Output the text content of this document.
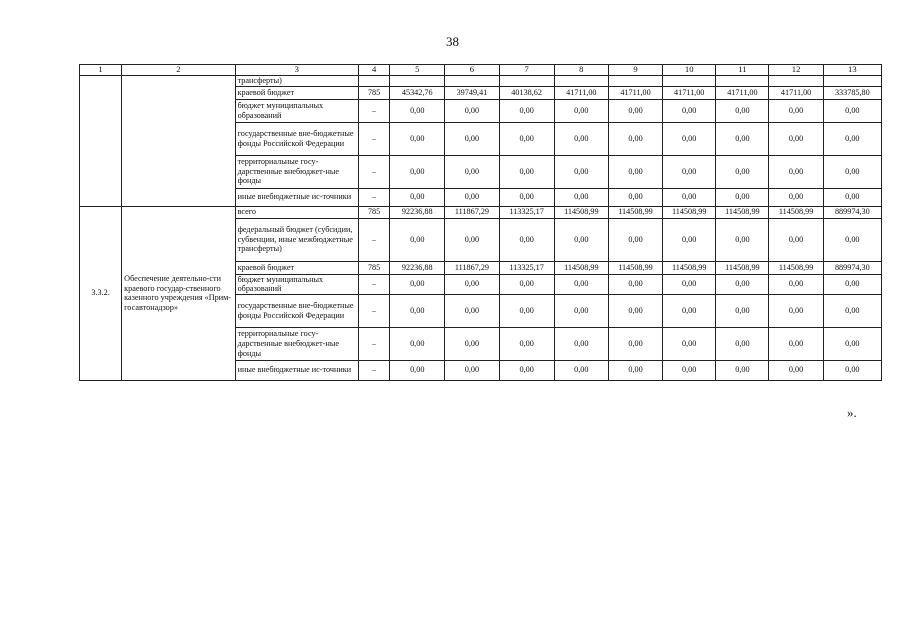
38
1	2	3	4	5	6	7	8	9	10	11	12	13
		трансферты)										
		краевой бюджет	785	45342,76	39749,41	40138,62	41711,00	41711,00	41711,00	41711,00	41711,00	333785,80
		бюджет муниципальных образований	–	0,00	0,00	0,00	0,00	0,00	0,00	0,00	0,00	0,00
		государственные вне-бюджетные фонды Российской Федерации	–	0,00	0,00	0,00	0,00	0,00	0,00	0,00	0,00	0,00
		территориальные госу-дарственные внебюджет-ные фонды	–	0,00	0,00	0,00	0,00	0,00	0,00	0,00	0,00	0,00
		иные внебюджетные ис-точники	–	0,00	0,00	0,00	0,00	0,00	0,00	0,00	0,00	0,00
3.3.2.	Обеспечение деятельно-сти краевого государ-ственного казенного учреждения «Прим-госавтонадзор»	всего	785	92236,88	111867,29	113325,17	114508,99	114508,99	114508,99	114508,99	114508,99	889974,30
		федеральный бюджет (субсидии, субвенции, иные межбюджетные трансферты)	–	0,00	0,00	0,00	0,00	0,00	0,00	0,00	0,00	0,00
		краевой бюджет	785	92236,88	111867,29	113325,17	114508,99	114508,99	114508,99	114508,99	114508,99	889974,30
		бюджет муниципальных образований	–	0,00	0,00	0,00	0,00	0,00	0,00	0,00	0,00	0,00
		государственные вне-бюджетные фонды Российской Федерации	–	0,00	0,00	0,00	0,00	0,00	0,00	0,00	0,00	0,00
		территориальные госу-дарственные внебюджет-ные фонды	–	0,00	0,00	0,00	0,00	0,00	0,00	0,00	0,00	0,00
		иные внебюджетные ис-точники	–	0,00	0,00	0,00	0,00	0,00	0,00	0,00	0,00	0,00
».
